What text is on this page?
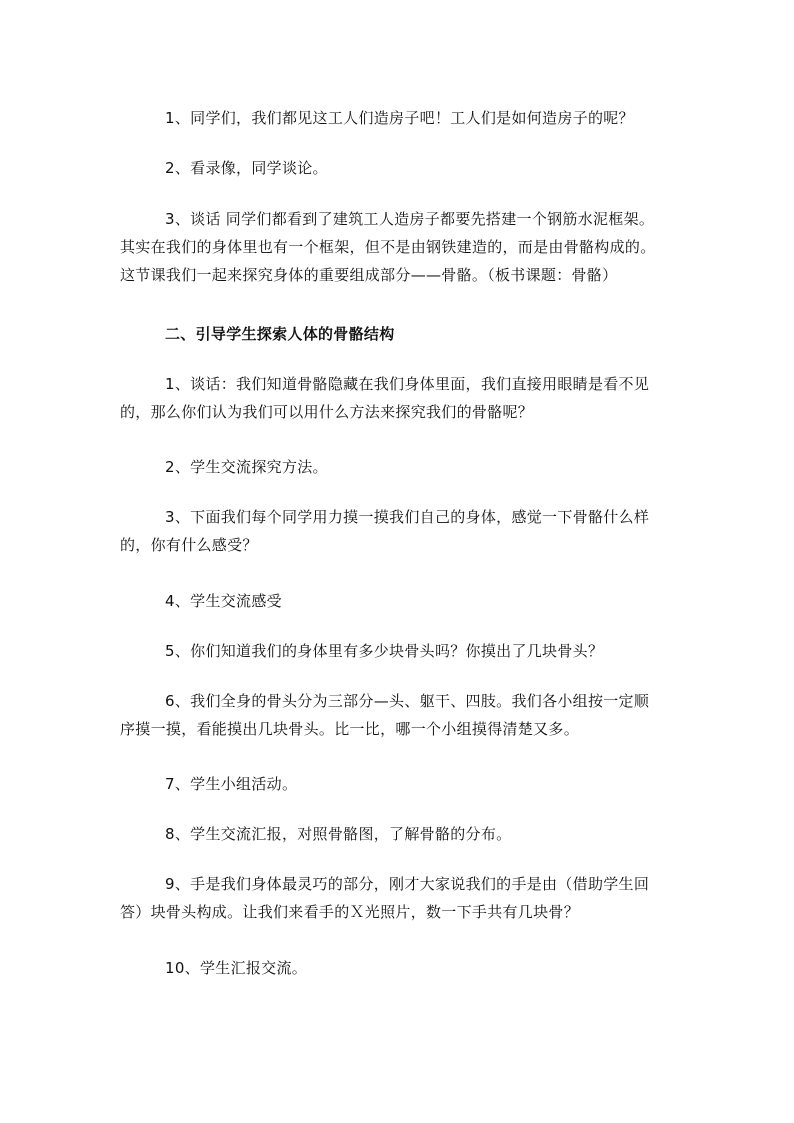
1、同学们，我们都见这工人们造房子吧！工人们是如何造房子的呢？
2、看录像，同学谈论。
3、谈话 同学们都看到了建筑工人造房子都要先搭建一个钢筋水泥框架。
其实在我们的身体里也有一个框架，但不是由钢铁建造的，而是由骨骼构成的。
这节课我们一起来探究身体的重要组成部分——骨骼。（板书课题：骨骼）
二、引导学生探索人体的骨骼结构
1、谈话：我们知道骨骼隐藏在我们身体里面，我们直接用眼睛是看不见
的，那么你们认为我们可以用什么方法来探究我们的骨骼呢？
2、学生交流探究方法。
3、下面我们每个同学用力摸一摸我们自己的身体，感觉一下骨骼什么样
的，你有什么感受？
4、学生交流感受
5、你们知道我们的身体里有多少块骨头吗？你摸出了几块骨头？
6、我们全身的骨头分为三部分—头、躯干、四肢。我们各小组按一定顺
序摸一摸，看能摸出几块骨头。比一比，哪一个小组摸得清楚又多。
7、学生小组活动。
8、学生交流汇报，对照骨骼图，了解骨骼的分布。
9、手是我们身体最灵巧的部分，刚才大家说我们的手是由（借助学生回
答）块骨头构成。让我们来看手的Ｘ光照片，数一下手共有几块骨？
10、学生汇报交流。
